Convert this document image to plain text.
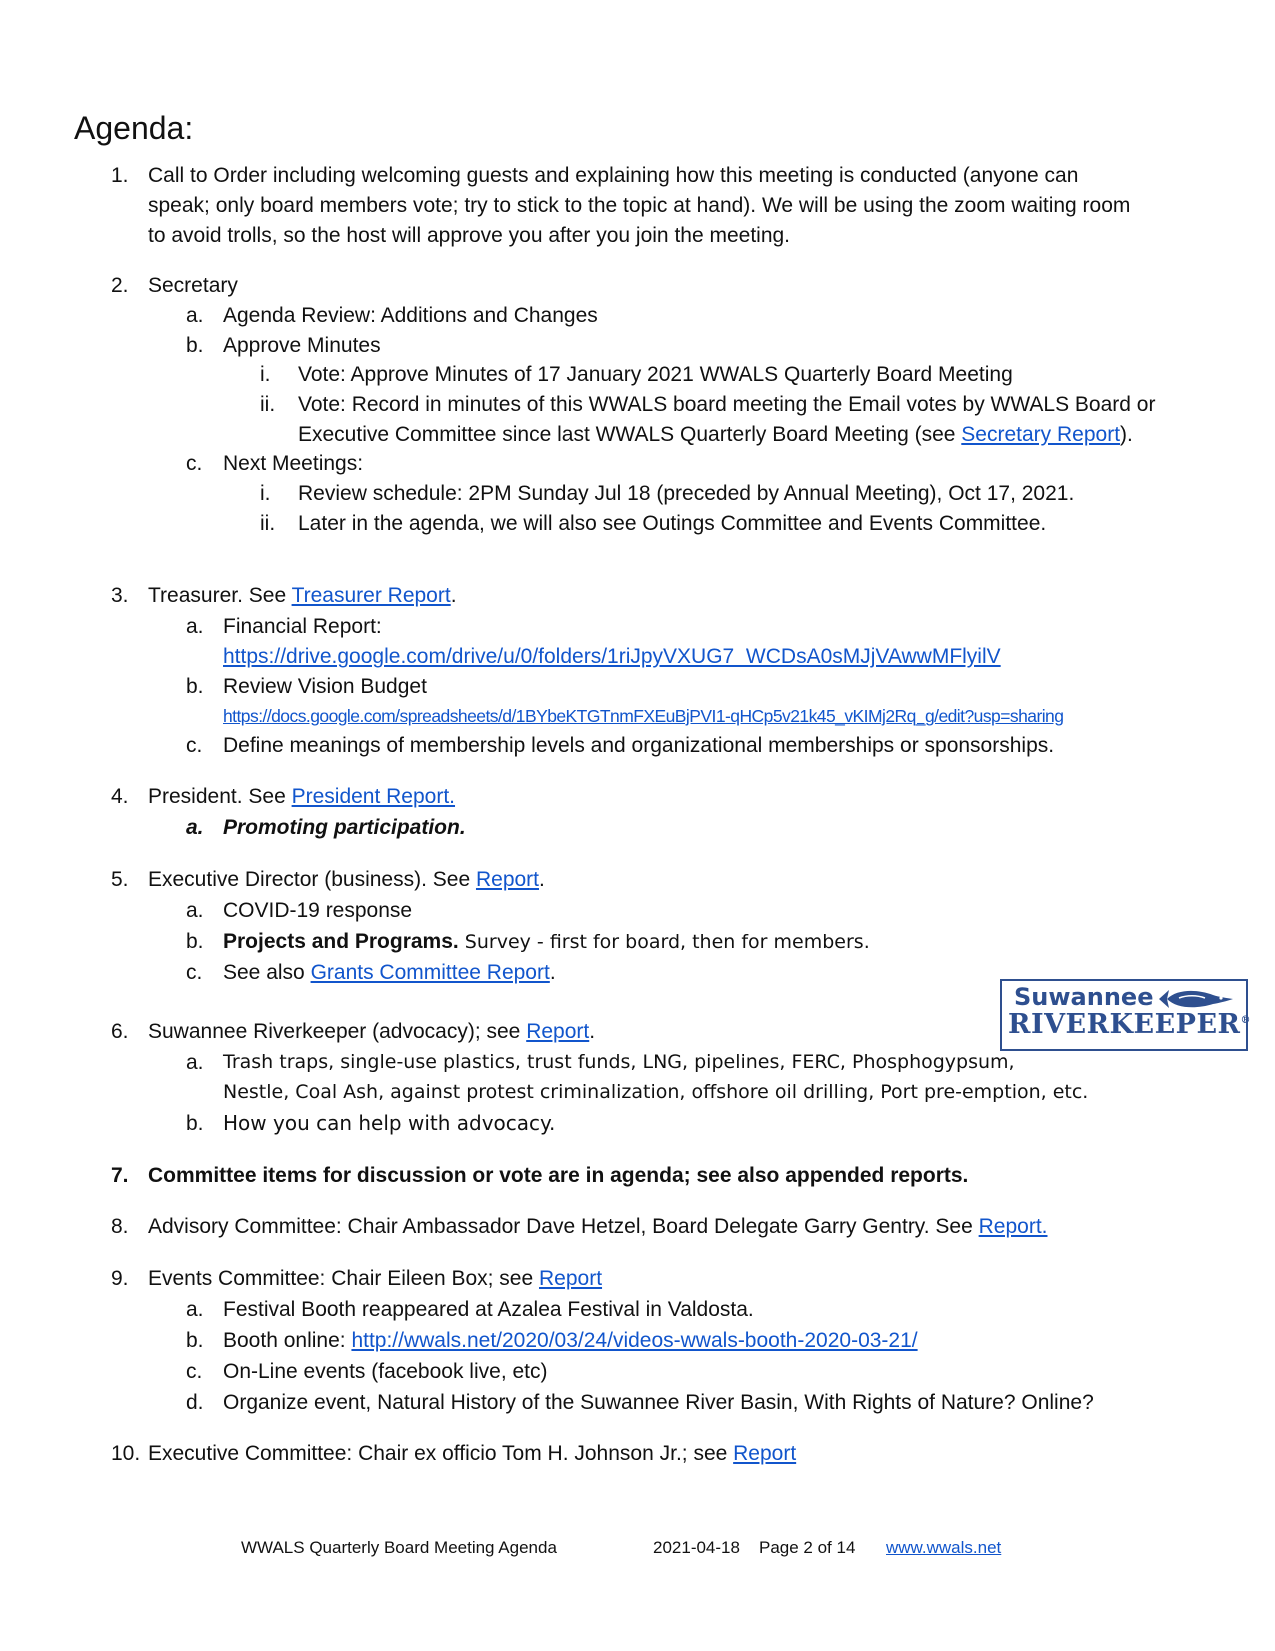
Agenda:
1. Call to Order including welcoming guests and explaining how this meeting is conducted (anyone can
speak; only board members vote; try to stick to the topic at hand). We will be using the zoom waiting room
to avoid trolls, so the host will approve you after you join the meeting.
2. Secretary
a. Agenda Review: Additions and Changes
b. Approve Minutes
i.	Vote: Approve Minutes of 17 January 2021 WWALS Quarterly Board Meeting
ii.	Vote: Record in minutes of this WWALS board meeting the Email votes by WWALS Board or
Executive Committee since last WWALS Quarterly Board Meeting (see Secretary Report).
c. Next Meetings:
i.	Review schedule: 2PM Sunday Jul 18 (preceded by Annual Meeting), Oct 17, 2021.
ii.	Later in the agenda, we will also see Outings Committee and Events Committee.
3. Treasurer. See Treasurer Report.
a. Financial Report:
https://drive.google.com/drive/u/0/folders/1riJpyVXUG7_WCDsA0sMJjVAwwMFlyilV
b. Review Vision Budget
https://docs.google.com/spreadsheets/d/1BYbeKTGTnmFXEuBjPVI1-qHCp5v21k45_vKIMj2Rq_g/edit?usp=sharing
c. Define meanings of membership levels and organizational memberships or sponsorships.
4. President. See President Report.
a. Promoting participation.
5. Executive Director (business). See Report.
a. COVID-19 response
b. Projects and Programs. Survey - first for board, then for members.
c. See also Grants Committee Report.
Suwannee
RIVERKEEPER®
6. Suwannee Riverkeeper (advocacy); see Report.
a. Trash traps, single-use plastics, trust funds, LNG, pipelines, FERC, Phosphogypsum,
Nestle, Coal Ash, against protest criminalization, offshore oil drilling, Port pre-emption, etc.
b. How you can help with advocacy.
7. Committee items for discussion or vote are in agenda; see also appended reports.
8. Advisory Committee: Chair Ambassador Dave Hetzel, Board Delegate Garry Gentry. See Report.
9. Events Committee: Chair Eileen Box; see Report
a. Festival Booth reappeared at Azalea Festival in Valdosta.
b. Booth online: http://wwals.net/2020/03/24/videos-wwals-booth-2020-03-21/
c. On-Line events (facebook live, etc)
d. Organize event, Natural History of the Suwannee River Basin, With Rights of Nature? Online?
10. Executive Committee: Chair ex officio Tom H. Johnson Jr.; see Report
WWALS Quarterly Board Meeting Agenda	2021-04-18 Page 2 of 14 www.wwals.net
